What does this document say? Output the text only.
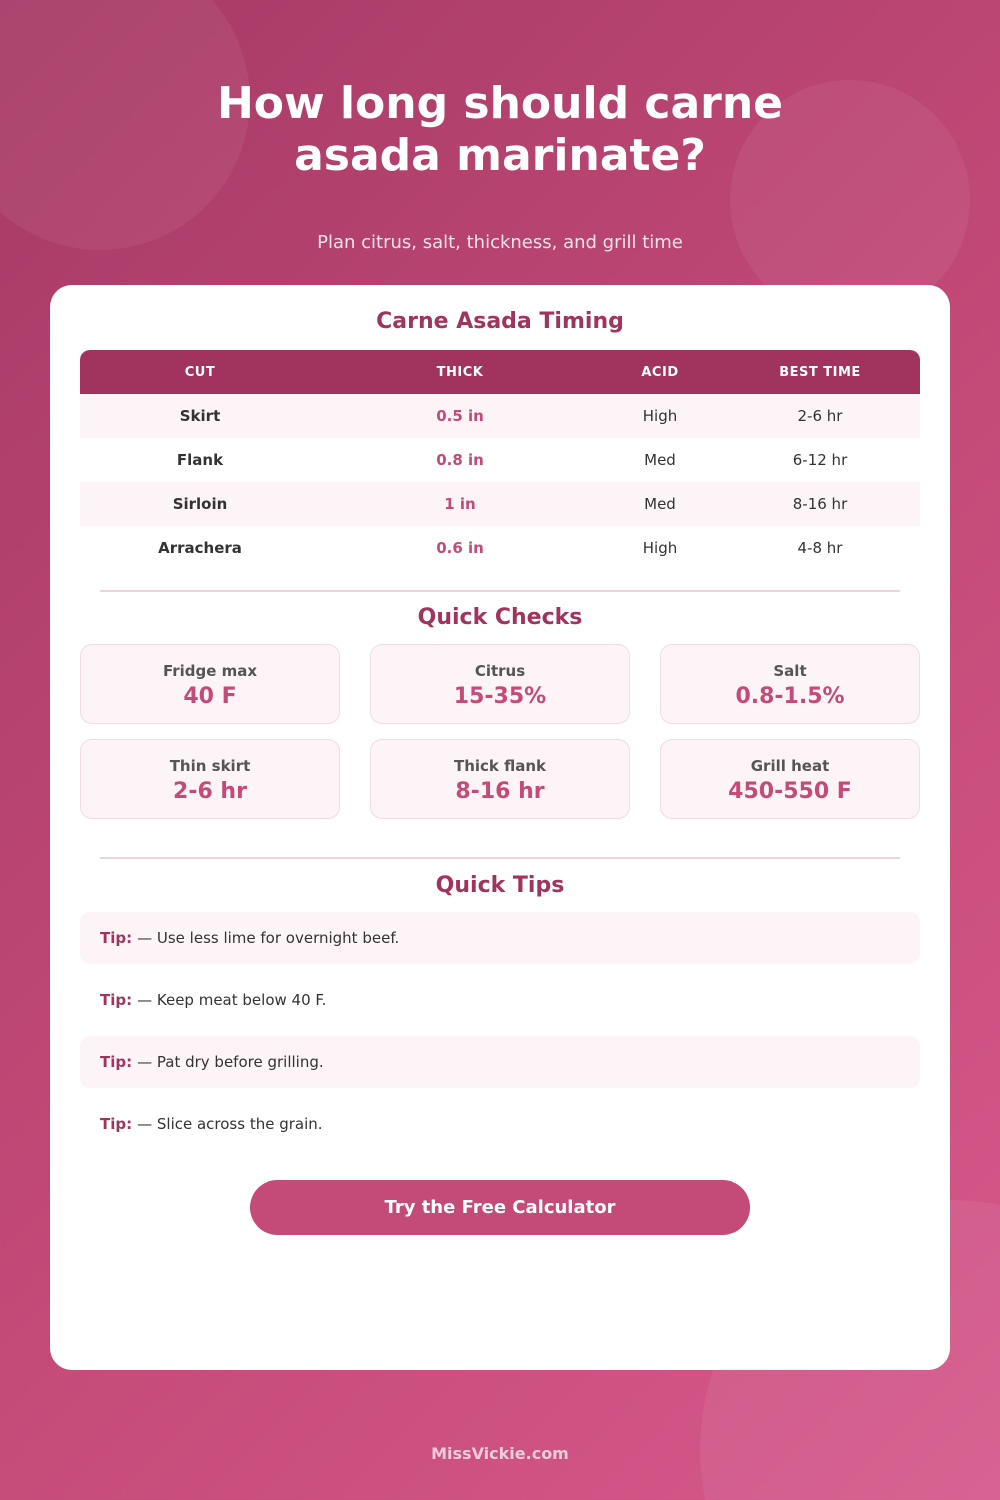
How long should carne
asada marinate?
Plan citrus, salt, thickness, and grill time
Carne Asada Timing
CUT	THICK	ACID	BEST TIME
Skirt	0.5 in	High	2-6 hr
Flank	0.8 in	Med	6-12 hr
Sirloin	1 in	Med	8-16 hr
Arrachera	0.6 in	High	4-8 hr
Quick Checks
Fridge max
40 F
Citrus
15-35%
Salt
0.8-1.5%
Thin skirt
2-6 hr
Thick flank
8-16 hr
Grill heat
450-550 F
Quick Tips
Tip: — Use less lime for overnight beef.
Tip: — Keep meat below 40 F.
Tip: — Pat dry before grilling.
Tip: — Slice across the grain.
Try the Free Calculator
MissVickie.com
